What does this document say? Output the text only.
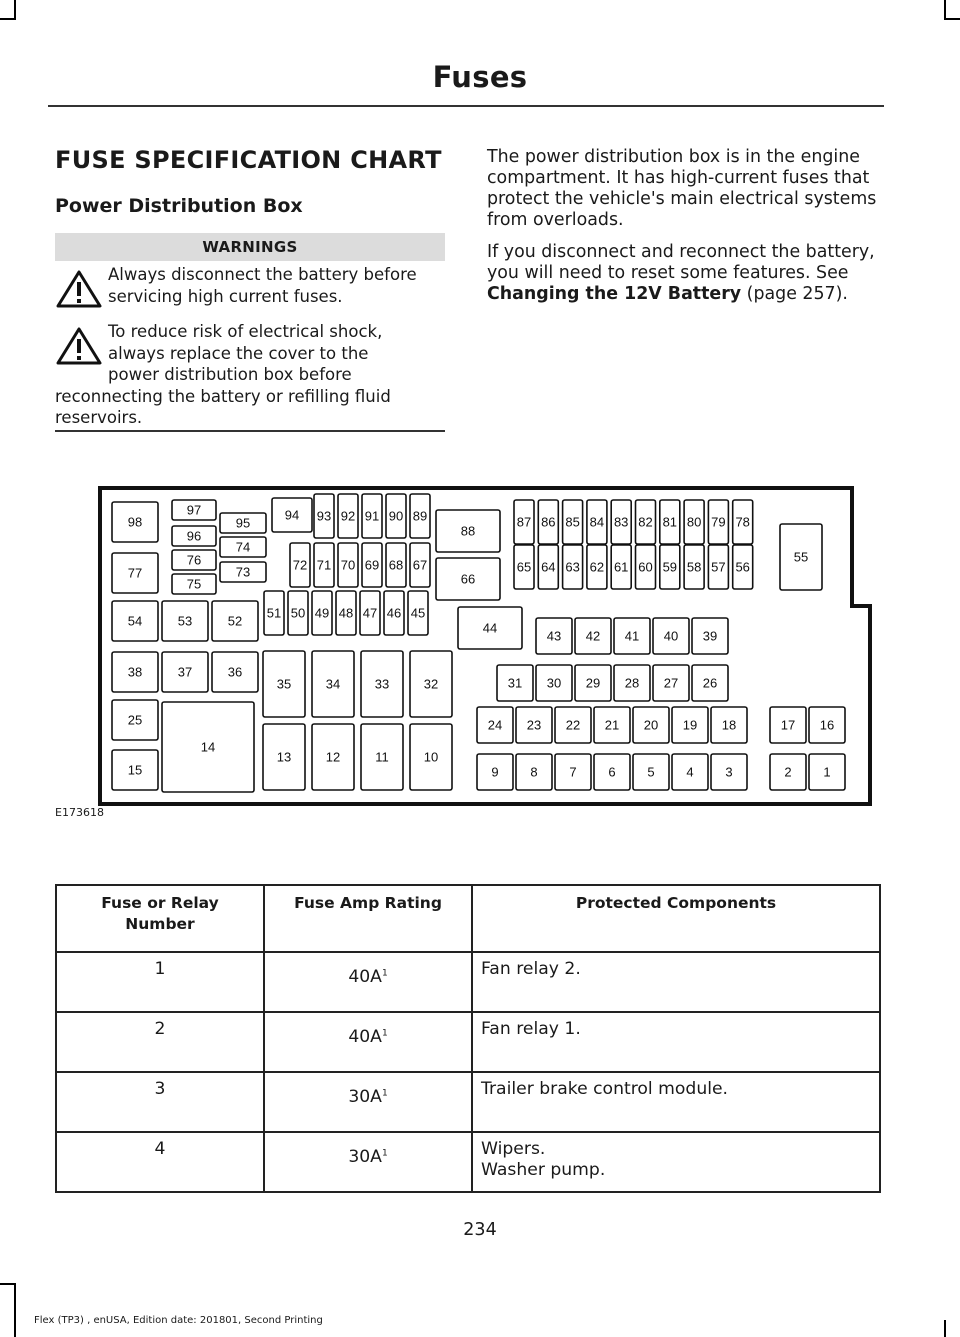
Fuses
FUSE SPECIFICATION CHART
Power Distribution Box
WARNINGS
Always disconnect the battery before
servicing high current fuses.
To reduce risk of electrical shock,
always replace the cover to the
power distribution box before
reconnecting the battery or refilling fluid
reservoirs.

The power distribution box is in the engine compartment. It has high-current fuses that protect the vehicle's main electrical systems from overloads.

If you disconnect and reconnect the battery, you will need to reset some features. See Changing the 12V Battery (page 257).

98
77
97
96
76
75
95
74
73
94 93 92 91 90 89
72 71 70 69 68 67
51 50 49 48 47 46 45
88
66
44
87 86 85 84 83 82 81 80 79 78
65 64 63 62 61 60 59 58 57 56
55
54	53	52
43 42 41 40 39
38	37	36
35	34	33	32	31 30 29 28 27 26
25
15
14
13	12	11	10
24 23 22 21 20 19 18
9 8 7 6 5 4 3
17 16
2 1
E173618
Fuse or Relay
Number	Fuse Amp Rating	Protected Components
1	$40A^1$	Fan relay 2.
2	$40A^1$	Fan relay 1.
3	$30A^1$	Trailer brake control module.
4	$30A^1$	Wipers.
Washer pump.
234
Flex (TP3) , enUSA, Edition date: 201801, Second Printing
